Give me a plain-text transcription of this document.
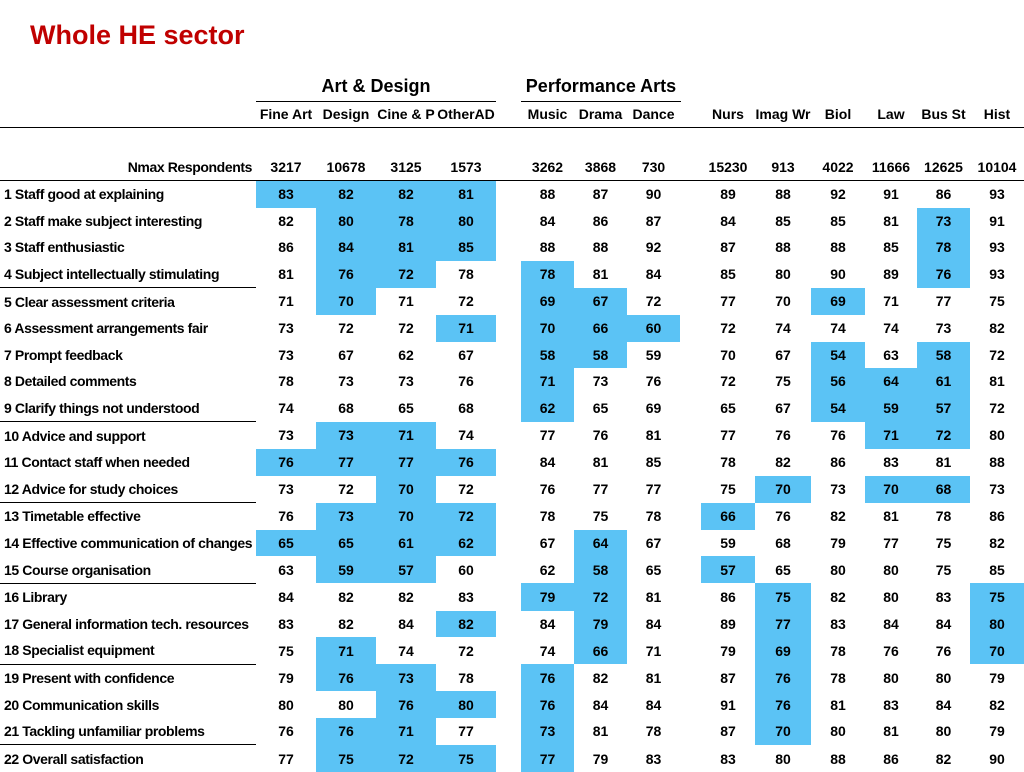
Whole HE sector
Art & Design	Performance Arts
	Fine Art	Design	Cine & P	OtherAD		Music	Drama	Dance		Nurs	Imag Wr	Biol	Law	Bus St	Hist

Nmax Respondents	3217	10678	3125	1573		3262	3868	730		15230	913	4022	11666	12625	10104
1 Staff good at explaining	83	82	82	81		88	87	90		89	88	92	91	86	93
2 Staff make subject interesting	82	80	78	80		84	86	87		84	85	85	81	73	91
3 Staff enthusiastic	86	84	81	85		88	88	92		87	88	88	85	78	93
4 Subject intellectually stimulating	81	76	72	78		78	81	84		85	80	90	89	76	93
5 Clear assessment criteria	71	70	71	72		69	67	72		77	70	69	71	77	75
6 Assessment arrangements fair	73	72	72	71		70	66	60		72	74	74	74	73	82
7 Prompt feedback	73	67	62	67		58	58	59		70	67	54	63	58	72
8 Detailed comments	78	73	73	76		71	73	76		72	75	56	64	61	81
9 Clarify things not understood	74	68	65	68		62	65	69		65	67	54	59	57	72
10 Advice and support	73	73	71	74		77	76	81		77	76	76	71	72	80
11 Contact staff when needed	76	77	77	76		84	81	85		78	82	86	83	81	88
12 Advice for study choices	73	72	70	72		76	77	77		75	70	73	70	68	73
13 Timetable effective	76	73	70	72		78	75	78		66	76	82	81	78	86
14 Effective communication of changes	65	65	61	62		67	64	67		59	68	79	77	75	82
15 Course organisation	63	59	57	60		62	58	65		57	65	80	80	75	85
16 Library	84	82	82	83		79	72	81		86	75	82	80	83	75
17 General information tech. resources	83	82	84	82		84	79	84		89	77	83	84	84	80
18 Specialist equipment	75	71	74	72		74	66	71		79	69	78	76	76	70
19 Present with confidence	79	76	73	78		76	82	81		87	76	78	80	80	79
20 Communication skills	80	80	76	80		76	84	84		91	76	81	83	84	82
21 Tackling unfamiliar problems	76	76	71	77		73	81	78		87	70	80	81	80	79
22 Overall satisfaction	77	75	72	75		77	79	83		83	80	88	86	82	90
